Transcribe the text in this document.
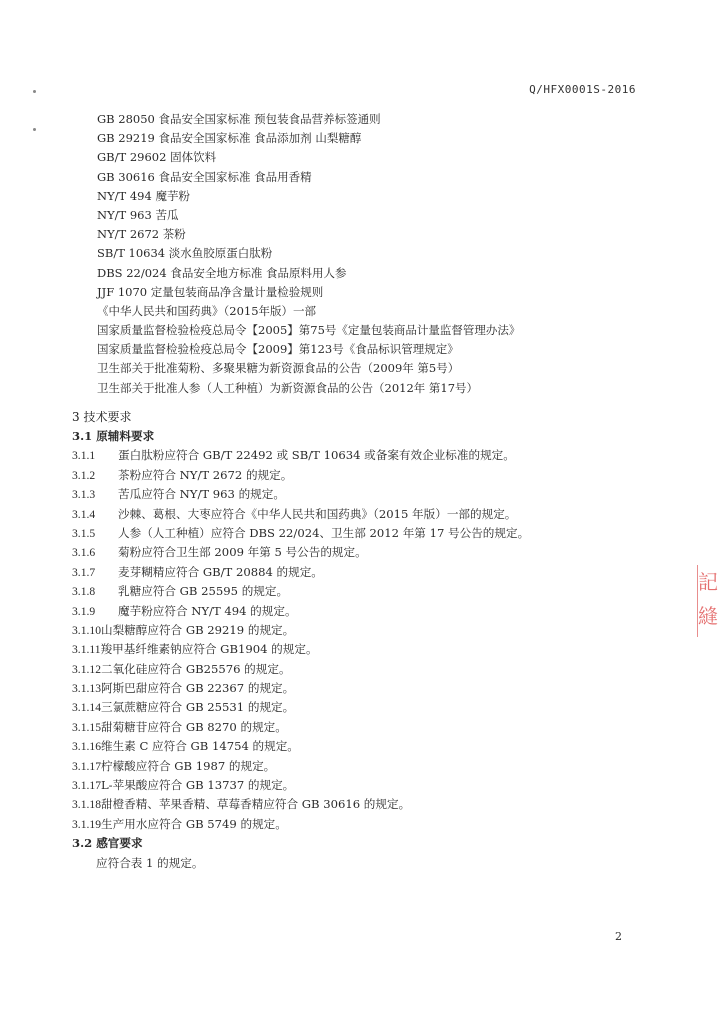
Q/HFX0001S-2016
GB 28050 食品安全国家标准 预包装食品营养标签通则
GB 29219 食品安全国家标准 食品添加剂 山梨糖醇
GB/T 29602 固体饮料
GB 30616 食品安全国家标准 食品用香精
NY/T 494 魔芋粉
NY/T 963 苦瓜
NY/T 2672 茶粉
SB/T 10634 淡水鱼胶原蛋白肽粉
DBS 22/024 食品安全地方标准 食品原料用人参
JJF 1070 定量包装商品净含量计量检验规则
《中华人民共和国药典》（2015年版）一部
国家质量监督检验检疫总局令【2005】第75号《定量包装商品计量监督管理办法》
国家质量监督检验检疫总局令【2009】第123号《食品标识管理规定》
卫生部关于批准菊粉、多聚果糖为新资源食品的公告（2009年 第5号）
卫生部关于批准人参（人工种植）为新资源食品的公告（2012年 第17号）
3 技术要求
3.1 原辅料要求
3.1.1 蛋白肽粉应符合 GB/T 22492 或 SB/T 10634 或备案有效企业标准的规定。
3.1.2 茶粉应符合 NY/T 2672 的规定。
3.1.3 苦瓜应符合 NY/T 963 的规定。
3.1.4 沙棘、葛根、大枣应符合《中华人民共和国药典》（2015 年版）一部的规定。
3.1.5 人参（人工种植）应符合 DBS 22/024、卫生部 2012 年第 17 号公告的规定。
3.1.6 菊粉应符合卫生部 2009 年第 5 号公告的规定。
3.1.7 麦芽糊精应符合 GB/T 20884 的规定。
3.1.8 乳糖应符合 GB 25595 的规定。
3.1.9 魔芋粉应符合 NY/T 494 的规定。
3.1.10山梨糖醇应符合 GB 29219 的规定。
3.1.11羧甲基纤维素钠应符合 GB1904 的规定。
3.1.12二氧化硅应符合 GB25576 的规定。
3.1.13阿斯巴甜应符合 GB 22367 的规定。
3.1.14三氯蔗糖应符合 GB 25531 的规定。
3.1.15甜菊糖苷应符合 GB 8270 的规定。
3.1.16维生素 C 应符合 GB 14754 的规定。
3.1.17柠檬酸应符合 GB 1987 的规定。
3.1.17L-苹果酸应符合 GB 13737 的规定。
3.1.18甜橙香精、苹果香精、草莓香精应符合 GB 30616 的规定。
3.1.19生产用水应符合 GB 5749 的规定。
3.2 感官要求
应符合表 1 的规定。
記
縫
2
